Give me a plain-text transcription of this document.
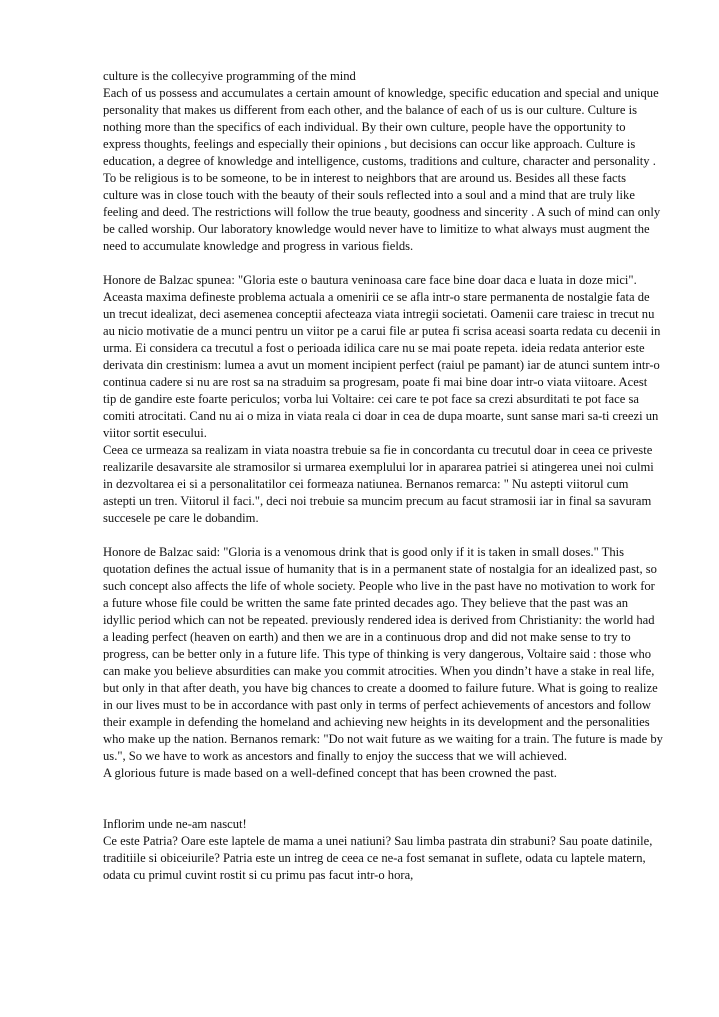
culture is the collecyive programming of the mind

Each of us possess and accumulates a certain amount of knowledge, specific education and special and unique personality that makes us different from each other, and the balance of each of us is our culture. Culture is nothing more than the specifics of each individual. By their own culture, people have the opportunity to express thoughts, feelings and especially their opinions , but decisions can occur like approach. Culture is education, a degree of knowledge and intelligence, customs, traditions and culture, character and personality . To be religious is to be someone, to be in interest to neighbors that are around us. Besides all these facts culture was in close touch with the beauty of their souls reflected into a soul and a mind that are truly like feeling and deed. The restrictions will follow the true beauty, goodness and sincerity . A such of mind can only be called worship. Our laboratory knowledge would never have to limitize to what always must augment the need to accumulate knowledge and progress in various fields.

Honore de Balzac spunea: "Gloria este o bautura veninoasa care face bine doar daca e luata in doze mici". Aceasta maxima defineste problema actuala a omenirii ce se afla intr-o stare permanenta de nostalgie fata de un trecut idealizat, deci asemenea conceptii afecteaza viata intregii societati. Oamenii care traiesc in trecut nu au nicio motivatie de a munci pentru un viitor pe a carui file ar putea fi scrisa aceasi soarta redata cu decenii in urma. Ei considera ca trecutul a fost o perioada idilica care nu se mai poate repeta. ideia redata anterior este derivata din crestinism: lumea a avut un moment incipient perfect (raiul pe pamant) iar de atunci suntem intr-o continua cadere si nu are rost sa na straduim sa progresam, poate fi mai bine doar intr-o viata viitoare. Acest tip de gandire este foarte periculos; vorba lui Voltaire: cei care te pot face sa crezi absurditati te pot face sa comiti atrocitati. Cand nu ai o miza in viata reala ci doar in cea de dupa moarte, sunt sanse mari sa-ti creezi un viitor sortit esecului.

Ceea ce urmeaza sa realizam in viata noastra trebuie sa fie in concordanta cu trecutul doar in ceea ce priveste realizarile desavarsite ale stramosilor si urmarea exemplului lor in apararea patriei si atingerea unei noi culmi in dezvoltarea ei si a personalitatilor cei formeaza natiunea. Bernanos remarca: " Nu astepti viitorul cum astepti un tren. Viitorul il faci.", deci noi trebuie sa muncim precum au facut stramosii iar in final sa savuram succesele pe care le dobandim.

Honore de Balzac said: "Gloria is a venomous drink that is good only if it is taken in small doses." This quotation defines the actual issue of humanity that is in a permanent state of nostalgia for an idealized past, so such concept also affects the life of whole society. People who live in the past have no motivation to work for a future whose file could be written the same fate printed decades ago. They believe that the past was an idyllic period which can not be repeated. previously rendered idea is derived from Christianity: the world had a leading perfect (heaven on earth) and then we are in a continuous drop and did not make sense to try to progress, can be better only in a future life. This type of thinking is very dangerous, Voltaire said : those who can make you believe absurdities can make you commit atrocities. When you dindn’t have a stake in real life, but only in that after death, you have big chances to create a doomed to failure future. What is going to realize in our lives must to be in accordance with past only in terms of perfect achievements of ancestors and follow their example in defending the homeland and achieving new heights in its development and the personalities who make up the nation. Bernanos remark: "Do not wait future as we waiting for a train. The future is made by us.", So we have to work as ancestors and finally to enjoy the success that we will achieved.

A glorious future is made based on a well-defined concept that has been crowned the past.

Inflorim unde ne-am nascut!

Ce este Patria? Oare este laptele de mama a unei natiuni? Sau limba pastrata din strabuni? Sau poate datinile, traditiile si obiceiurile? Patria este un intreg de ceea ce ne-a fost semanat in suflete, odata cu laptele matern, odata cu primul cuvint rostit si cu primu pas facut intr-o hora,
